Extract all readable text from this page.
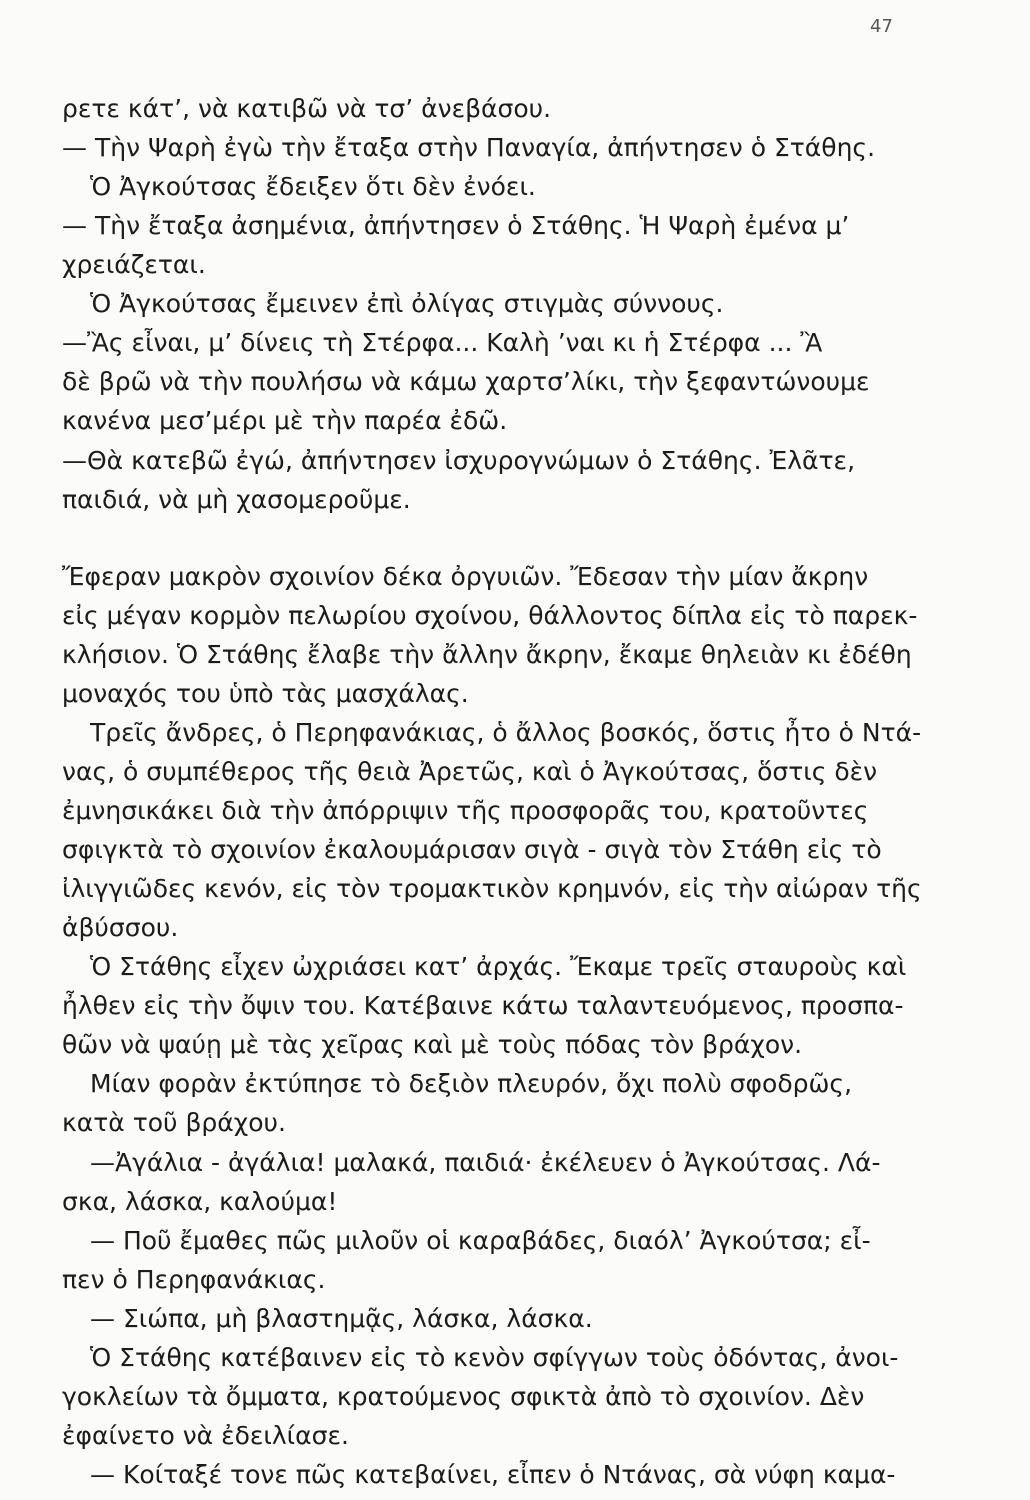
47
ρετε κάτ’, νὰ κατιβῶ νὰ τσ’ ἀνεβάσου.
— Τὴν Ψαρὴ ἐγὼ τὴν ἔταξα στὴν Παναγία, ἀπήντησεν ὁ Στάθης.
Ὁ Ἀγκούτσας ἔδειξεν ὅτι δὲν ἐνόει.
— Τὴν ἔταξα ἀσημένια, ἀπήντησεν ὁ Στάθης. Ἡ Ψαρὴ ἐμένα μ’
χρειάζεται.
Ὁ Ἀγκούτσας ἔμεινεν ἐπὶ ὀλίγας στιγμὰς σύννους.
—Ἂς εἶναι, μ’ δίνεις τὴ Στέρφα... Καλὴ ’ναι κι ἡ Στέρφα ... Ἂ
δὲ βρῶ νὰ τὴν πουλήσω νὰ κάμω χαρτσ’λίκι, τὴν ξεφαντώνουμε
κανένα μεσ’μέρι μὲ τὴν παρέα ἐδῶ.
—Θὰ κατεβῶ ἐγώ, ἀπήντησεν ἰσχυρογνώμων ὁ Στάθης. Ἐλᾶτε,
παιδιά, νὰ μὴ χασομεροῦμε.
Ἔφεραν μακρὸν σχοινίον δέκα ὀργυιῶν. Ἔδεσαν τὴν μίαν ἄκρην
εἰς μέγαν κορμὸν πελωρίου σχοίνου, θάλλοντος δίπλα εἰς τὸ παρεκ-
κλήσιον. Ὁ Στάθης ἔλαβε τὴν ἄλλην ἄκρην, ἔκαμε θηλειὰν κι ἐδέθη
μοναχός του ὑπὸ τὰς μασχάλας.
Τρεῖς ἄνδρες, ὁ Περηφανάκιας, ὁ ἄλλος βοσκός, ὅστις ἦτο ὁ Ντά-
νας, ὁ συμπέθερος τῆς θειὰ Ἀρετῶς, καὶ ὁ Ἀγκούτσας, ὅστις δὲν
ἐμνησικάκει διὰ τὴν ἀπόρριψιν τῆς προσφορᾶς του, κρατοῦντες
σφιγκτὰ τὸ σχοινίον ἐκαλουμάρισαν σιγὰ - σιγὰ τὸν Στάθη εἰς τὸ
ἰλιγγιῶδες κενόν, εἰς τὸν τρομακτικὸν κρημνόν, εἰς τὴν αἰώραν τῆς
ἀβύσσου.
Ὁ Στάθης εἶχεν ὠχριάσει κατ’ ἀρχάς. Ἔκαμε τρεῖς σταυροὺς καὶ
ἦλθεν εἰς τὴν ὄψιν του. Κατέβαινε κάτω ταλαντευόμενος, προσπα-
θῶν νὰ ψαύῃ μὲ τὰς χεῖρας καὶ μὲ τοὺς πόδας τὸν βράχον.
Μίαν φορὰν ἐκτύπησε τὸ δεξιὸν πλευρόν, ὄχι πολὺ σφοδρῶς,
κατὰ τοῦ βράχου.
—Ἀγάλια - ἀγάλια! μαλακά, παιδιά· ἐκέλευεν ὁ Ἀγκούτσας. Λά-
σκα, λάσκα, καλούμα!
— Ποῦ ἔμαθες πῶς μιλοῦν οἱ καραβάδες, διαόλ’ Ἀγκούτσα; εἶ-
πεν ὁ Περηφανάκιας.
— Σιώπα, μὴ βλαστημᾷς, λάσκα, λάσκα.
Ὁ Στάθης κατέβαινεν εἰς τὸ κενὸν σφίγγων τοὺς ὀδόντας, ἀνοι-
γοκλείων τὰ ὄμματα, κρατούμενος σφικτὰ ἀπὸ τὸ σχοινίον. Δὲν
ἐφαίνετο νὰ ἐδειλίασε.
— Κοίταξέ τονε πῶς κατεβαίνει, εἶπεν ὁ Ντάνας, σὰ νύφη καμα-
